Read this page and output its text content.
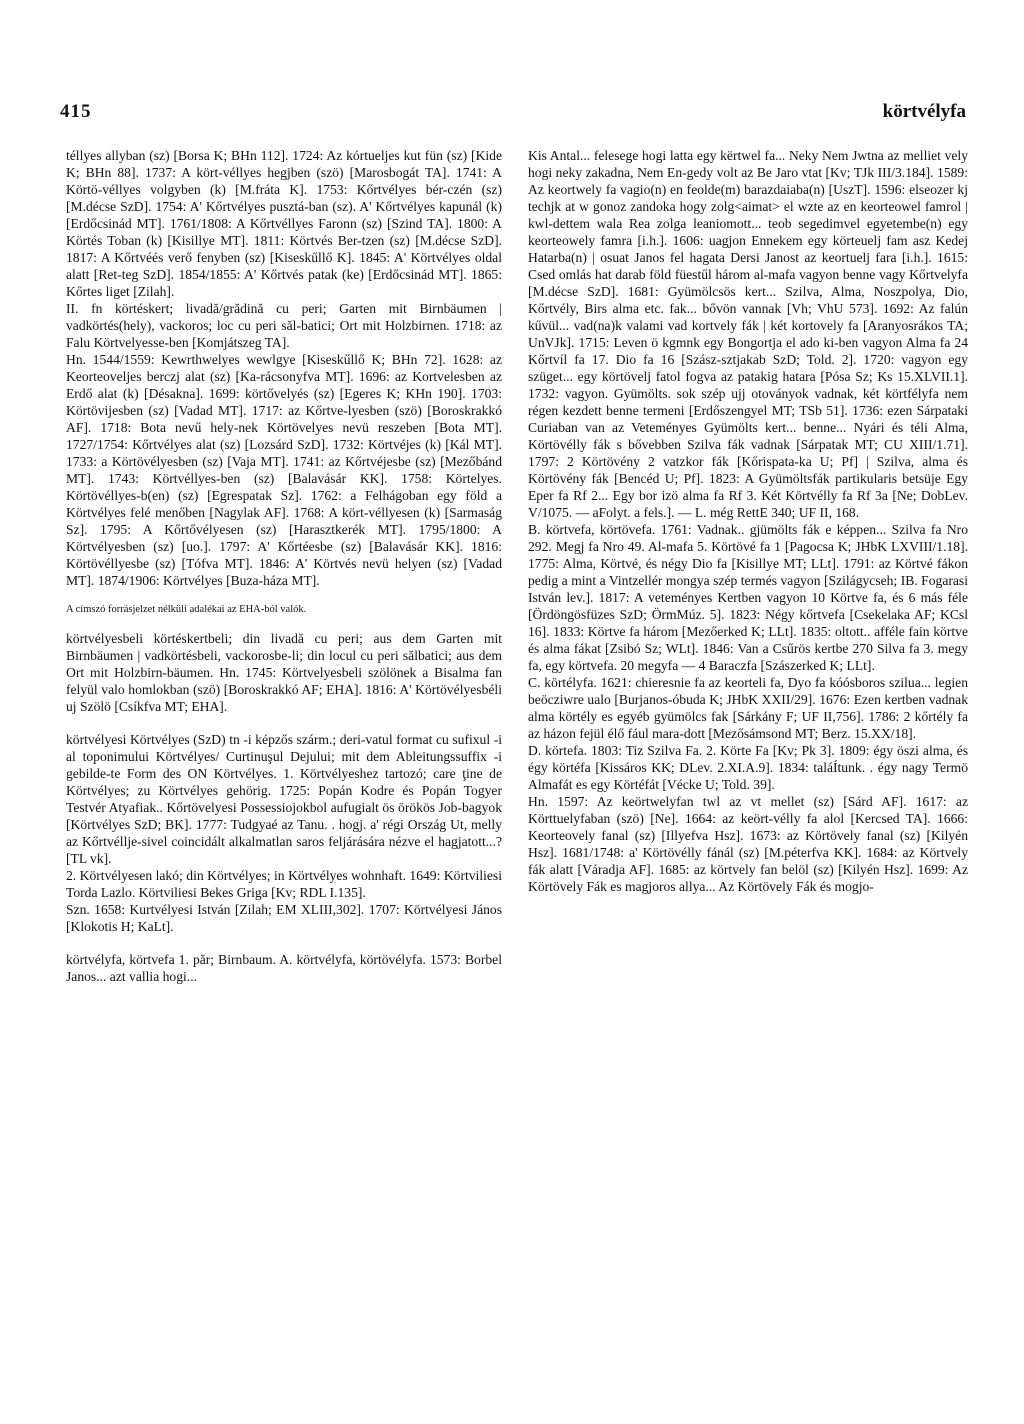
415	körtvélyfa

téllyes allyban (sz) [Borsa K; BHn 112]. 1724: Az kórtueljes kut fün (sz) [Kide K; BHn 88]. 1737: A kört-véllyes hegjben (szö) [Marosbogát TA]. 1741: A Körtö-véllyes volgyben (k) [M.fráta K]. 1753: Kőrtvélyes bér-czén (sz) [M.décse SzD]. 1754: A' Kőrtvélyes pusztá-ban (sz). A' Kőrtvélyes kapunál (k) [Erdőcsinád MT]. 1761/1808: A Kőrtvéllyes Faronn (sz) [Szind TA]. 1800: A Körtés Toban (k) [Kisillye MT]. 1811: Körtvés Ber-tzen (sz) [M.décse SzD]. 1817: A Kőrtvéés verő fenyben (sz) [Kiseskűllő K]. 1845: A' Körtvélyes oldal alatt [Ret-teg SzD]. 1854/1855: A' Kőrtvés patak (ke) [Erdőcsinád MT]. 1865: Kőrtes liget [Zilah].

II. fn körtéskert; livadă/grădină cu peri; Garten mit Birnbäumen | vadkörtés(hely), vackoros; loc cu peri săl-batici; Ort mit Holzbirnen. 1718: az Falu Körtvelyesse-ben [Komjátszeg TA].

Hn. 1544/1559: Kewrthwelyes wewlgye [Kiseskűllő K; BHn 72]. 1628: az Keorteoveljes berczj alat (sz) [Ka-rácsonyfva MT]. 1696: az Kortvelesben az Erdő alat (k) [Désakna]. 1699: körtővelyés (sz) [Egeres K; KHn 190]. 1703: Körtövijesben (sz) [Vadad MT]. 1717: az Kőrtve-lyesben (szö) [Boroskrakkó AF]. 1718: Bota nevű hely-nek Körtövelyes nevü reszeben [Bota MT]. 1727/1754: Kőrtvélyes alat (sz) [Lozsárd SzD]. 1732: Körtvéjes (k) [Kál MT]. 1733: a Körtövélyesben (sz) [Vaja MT]. 1741: az Kőrtvéjesbe (sz) [Mezőbánd MT]. 1743: Körtvéllyes-ben (sz) [Balavásár KK]. 1758: Körtelyes. Körtövéllyes-b(en) (sz) [Egrespatak Sz]. 1762: a Felhágoban egy föld a Körtvélyes felé menőben [Nagylak AF]. 1768: A kört-véllyesen (k) [Sarmaság Sz]. 1795: A Kőrtővélyesen (sz) [Harasztkerék MT]. 1795/1800: A Körtvélyesben (sz) [uo.]. 1797: A' Kőrtéesbe (sz) [Balavásár KK]. 1816: Körtövéllyesbe (sz) [Tófva MT]. 1846: A' Körtvés nevü helyen (sz) [Vadad MT]. 1874/1906: Körtvélyes [Buza-háza MT].

A címszó forrásjelzet nélküli adalékai az EHA-ból valók.

körtvélyesbeli körtéskertbeli; din livadă cu peri; aus dem Garten mit Birnbäumen | vadkörtésbeli, vackorosbe-li; din locul cu peri sălbatici; aus dem Ort mit Holzbirn-bäumen. Hn. 1745: Körtvelyesbeli szölönek a Bisalma fan felyül valo homlokban (szö) [Boroskrakkó AF; EHA]. 1816: A' Körtövélyesbéli uj Szölö [Csíkfva MT; EHA].

körtvélyesi Körtvélyes (SzD) tn -i képzős szárm.; deri-vatul format cu sufixul -i al toponimului Körtvélyes/ Curtinuşul Dejului; mit dem Ableitungssuffix -i gebilde-te Form des ON Körtvélyes. 1. Körtvélyeshez tartozó; care ţine de Körtvélyes; zu Körtvélyes gehörig. 1725: Popán Kodre és Popán Togyer Testvér Atyafiak.. Kőrtövelyesi Possessiojokbol aufugialt ös örökös Job-bagyok [Körtvélyes SzD; BK]. 1777: Tudgyaé az Tanu. . hogj. a' régi Ország Ut, melly az Kőrtvéllje-sivel coincidált alkalmatlan saros feljárására nézve el hagjatott...? [TL vk].

2. Körtvélyesen lakó; din Körtvélyes; in Körtvélyes wohnhaft. 1649: Körtviliesi Torda Lazlo. Körtviliesi Bekes Griga [Kv; RDL I.135].

Szn. 1658: Kurtvélyesi István [Zilah; EM XLIII,302]. 1707: Körtvélyesi János [Klokotis H; KaLt].

körtvélyfa, körtvefa 1. păr; Birnbaum. A. körtvélyfa, körtövélyfa. 1573: Borbel Janos... azt vallia hogi...

Kis Antal... felesege hogi latta egy kërtwel fa... Neky Nem Jwtna az melliet vely hogi neky zakadna, Nem En-gedy volt az Be Jaro vtat [Kv; TJk III/3.184]. 1589: Az keortwely fa vagio(n) en feolde(m) barazdaiaba(n) [UszT]. 1596: elseozer kj techjk at w gonoz zandoka hogy zolg<aimat> el wzte az en keorteowel famrol | kwl-dettem wala Rea zolga leaniomott... teob segedimvel egyetembe(n) egy keorteowely famra [i.h.]. 1606: uagjon Ennekem egy körteuelj fam asz Kedej Hatarba(n) | osuat Janos fel hagata Dersi Janost az keortuelj fara [i.h.]. 1615: Csed omlás hat darab föld füestűl három al-mafa vagyon benne vagy Kőrtvelyfa [M.décse SzD]. 1681: Gyümölcsös kert... Szilva, Alma, Noszpolya, Dio, Kőrtvély, Birs alma etc. fak... bővön vannak [Vh; VhU 573]. 1692: Az falún kűvül... vad(na)k valami vad kortvely fák | két kortovely fa [Aranyosrákos TA; UnVJk]. 1715: Leven ö kgmnk egy Bongortja el ado ki-ben vagyon Alma fa 24 Kőrtvíl fa 17. Dio fa 16 [Szász-sztjakab SzD; Told. 2]. 1720: vagyon egy szüget... egy körtövelj fatol fogva az patakig hatara [Pósa Sz; Ks 15.XLVII.1]. 1732: vagyon. Gyümölts. sok szép ujj otoványok vadnak, két körtfélyfa nem régen kezdett benne termeni [Erdőszengyel MT; TSb 51]. 1736: ezen Sárpataki Curiaban van az Veteményes Gyümölts kert... benne... Nyári és téli Alma, Körtövélly fák s bővebben Szilva fák vadnak [Sárpatak MT; CU XIII/1.71]. 1797: 2 Körtövény 2 vatzkor fák [Kőrispata-ka U; Pf] | Szilva, alma és Körtövény fák [Bencéd U; Pf]. 1823: A Gyümöltsfák partikularis betsüje Egy Eper fa Rf 2... Egy bor izö alma fa Rf 3. Két Körtvélly fa Rf 3a [Ne; DobLev. V/1075. — aFolyt. a fels.]. — L. még RettE 340; UF II, 168.

B. körtvefa, körtövefa. 1761: Vadnak.. gjümölts fák e képpen... Szilva fa Nro 292. Megj fa Nro 49. Al-mafa 5. Körtövé fa 1 [Pagocsa K; JHbK LXVIII/1.18]. 1775: Alma, Körtvé, és négy Dio fa [Kisillye MT; LLt]. 1791: az Körtvé fákon pedig a mint a Vintzellér mongya szép termés vagyon [Szilágycseh; IB. Fogarasi István lev.]. 1817: A veteményes Kertben vagyon 10 Körtve fa, és 6 más féle [Ördöngösfüzes SzD; ÖrmMúz. 5]. 1823: Négy kőrtvefa [Csekelaka AF; KCsl 16]. 1833: Körtve fa három [Mezőerked K; LLt]. 1835: oltott.. afféle fain körtve és alma fákat [Zsibó Sz; WLt]. 1846: Van a Csűrös kertbe 270 Silva fa 3. megy fa, egy körtvefa. 20 megyfa — 4 Baraczfa [Szászerked K; LLt].

C. körtélyfa. 1621: chieresnie fa az keorteli fa, Dyo fa kóósboros szilua... legien beöcziwre ualo [Burjanos-óbuda K; JHbK XXII/29]. 1676: Ezen kertben vadnak alma körtély es egyéb gyümölcs fak [Sárkány F; UF II,756]. 1786: 2 kőrtély fa az házon fejül élő fául mara-dott [Mezősámsond MT; Berz. 15.XX/18].

D. körtefa. 1803: Tiz Szilva Fa. 2. Körte Fa [Kv; Pk 3]. 1809: égy öszi alma, és égy körtéfa [Kissáros KK; DLev. 2.XI.A.9]. 1834: taláÍtunk. . égy nagy Termö Almafát es egy Körtéfát [Vécke U; Told. 39].

Hn. 1597: Az keörtwelyfan twl az vt mellet (sz) [Sárd AF]. 1617: az Körttuelyfaban (szö) [Ne]. 1664: az keört-vélly fa alol [Kercsed TA]. 1666: Keorteovely fanal (sz) [Illyefva Hsz]. 1673: az Körtövely fanal (sz) [Kilyén Hsz]. 1681/1748: a' Körtövélly fánál (sz) [M.péterfva KK]. 1684: az Körtvely fák alatt [Váradja AF]. 1685: az körtvely fan belöl (sz) [Kilyén Hsz]. 1699: Az Körtövely Fák es magjoros allya... Az Körtövely Fák és mogjo-
